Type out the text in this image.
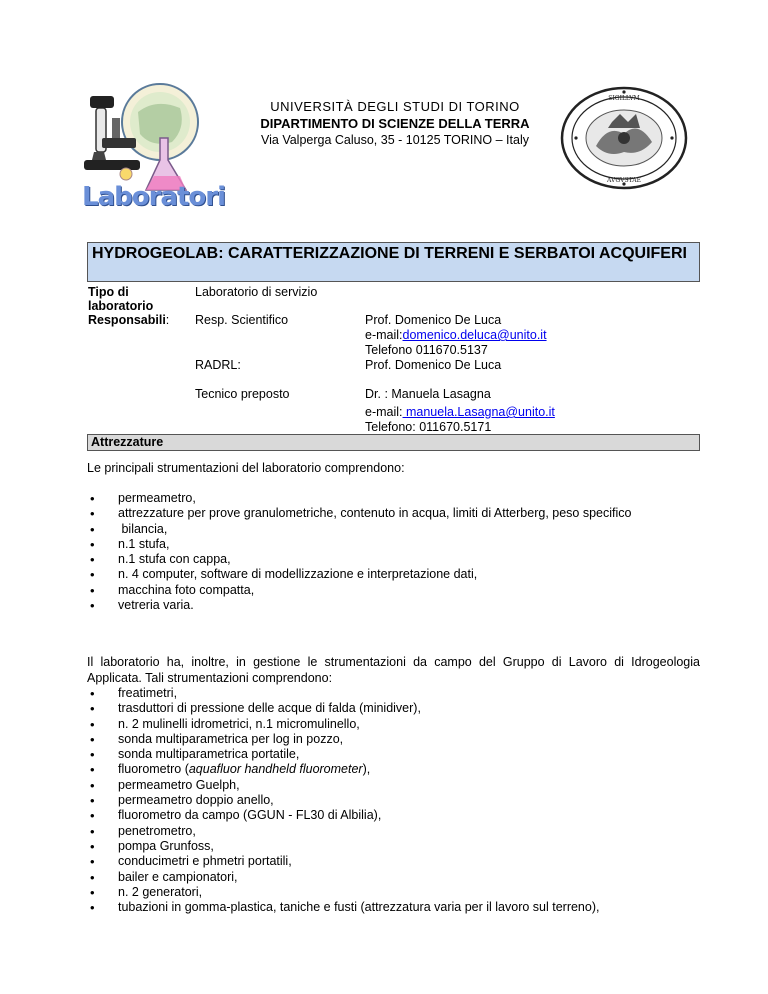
Laboratori
UNIVERSITÀ DEGLI STUDI DI TORINO
DIPARTIMENTO DI SCIENZE DELLA TERRA
Via Valperga Caluso, 35 - 10125 TORINO – Italy
SIGILLVM
AVGVSTAE
HYDROGEOLAB: CARATTERIZZAZIONE DI TERRENI E SERBATOI ACQUIFERI
Tipo di laboratorio
Laboratorio di servizio
Responsabili: Resp. Scientifico	Prof. Domenico De Luca
e-mail:domenico.deluca@unito.it
Telefono 011670.5137
Prof. Domenico De Luca
RADRL:
Tecnico preposto	Dr. : Manuela Lasagna
e-mail: manuela.Lasagna@unito.it
Telefono: 011670.5171
Attrezzature
Le principali strumentazioni del laboratorio comprendono:
• permeametro,
• attrezzature per prove granulometriche, contenuto in acqua, limiti di Atterberg, peso specifico
•  bilancia,
• n.1 stufa,
• n.1 stufa con cappa,
• n. 4 computer, software di modellizzazione e interpretazione dati,
• macchina foto compatta,
• vetreria varia.
Il laboratorio ha, inoltre, in gestione le strumentazioni da campo del Gruppo di Lavoro di Idrogeologia Applicata. Tali strumentazioni comprendono:
• freatimetri,
• trasduttori di pressione delle acque di falda (minidiver),
• n. 2 mulinelli idrometrici, n.1 micromulinello,
• sonda multiparametrica per log in pozzo,
• sonda multiparametrica portatile,
• fluorometro (aquafluor handheld fluorometer),
• permeametro Guelph,
• permeametro doppio anello,
• fluorometro da campo (GGUN - FL30 di Albilia),
• penetrometro,
• pompa Grunfoss,
• conducimetri e phmetri portatili,
• bailer e campionatori,
• n. 2 generatori,
• tubazioni in gomma-plastica, taniche e fusti (attrezzatura varia per il lavoro sul terreno),
